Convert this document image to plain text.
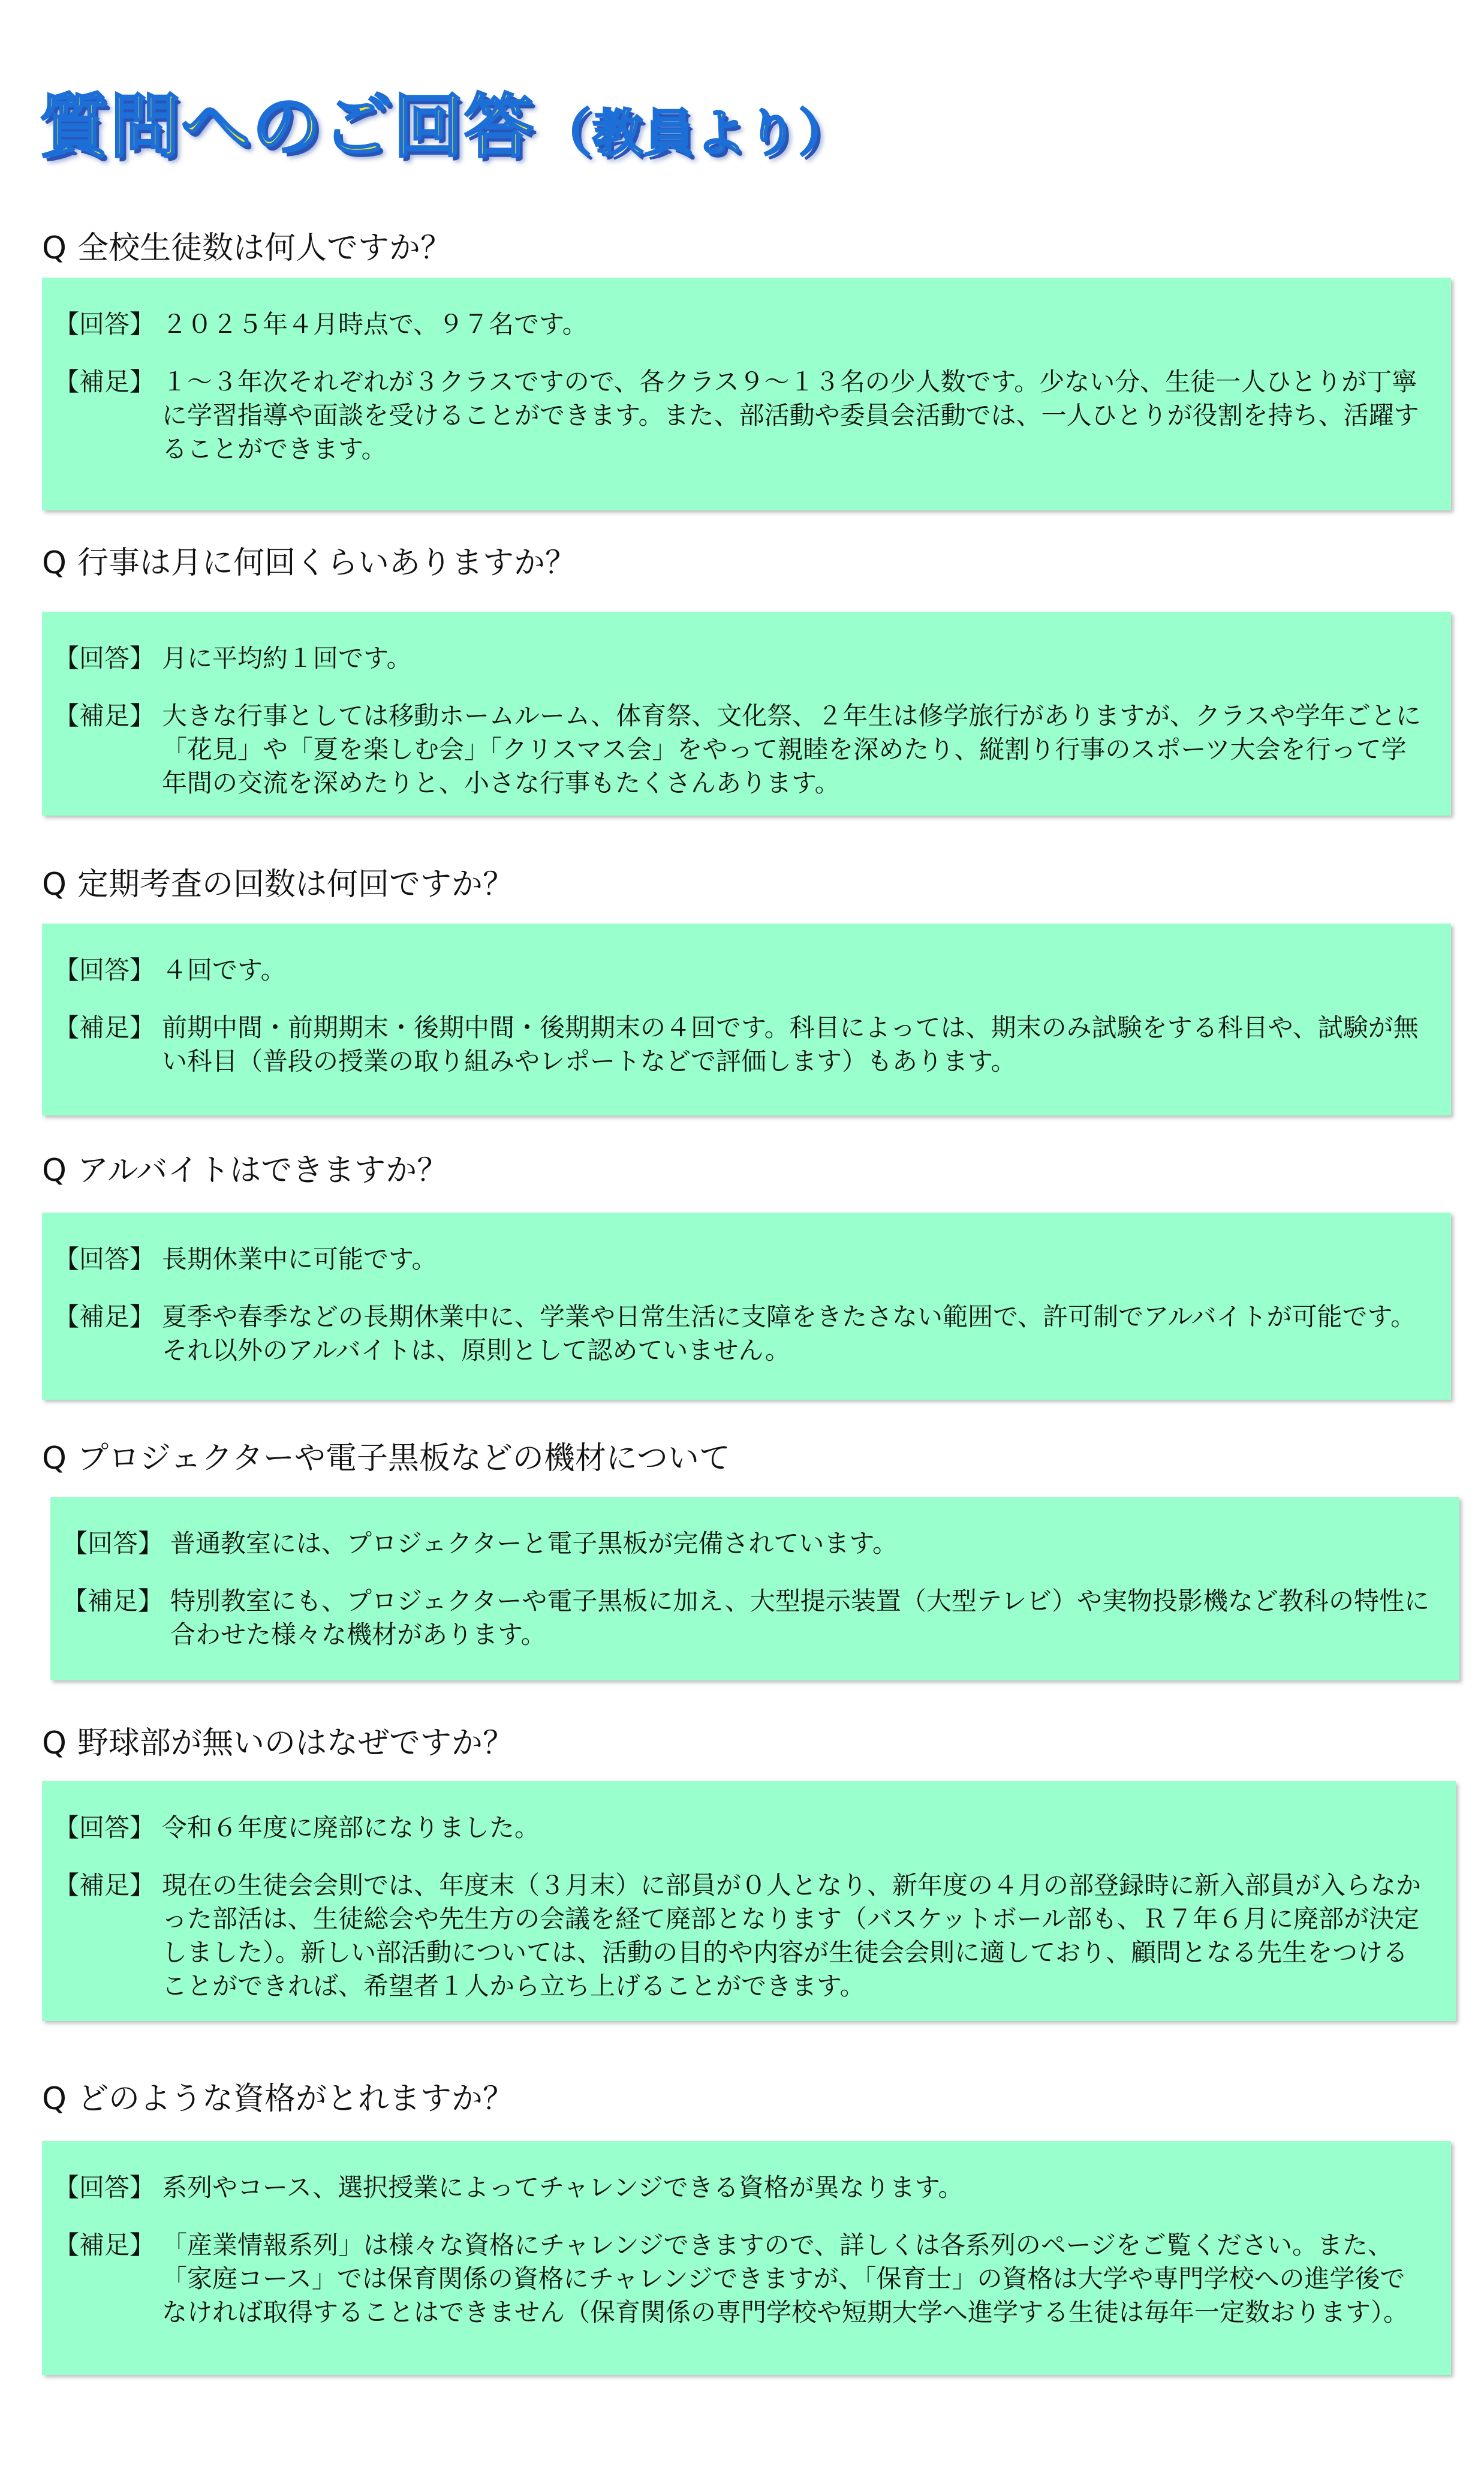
質問へのご回答 （教員より）
Q 全校生徒数は何人ですか？
【回答】 ２０２５年４月時点で、９７名です。
【補足】 １～３年次それぞれが３クラスですので、各クラス９～１３名の少人数です。少ない分、生徒一人ひとりが丁寧に学習指導や面談を受けることができます。また、部活動や委員会活動では、一人ひとりが役割を持ち、活躍することができます。
Q 行事は月に何回くらいありますか？
【回答】 月に平均約１回です。
【補足】 大きな行事としては移動ホームルーム、体育祭、文化祭、２年生は修学旅行がありますが、クラスや学年ごとに「花見」や「夏を楽しむ会」「クリスマス会」をやって親睦を深めたり、縦割り行事のスポーツ大会を行って学年間の交流を深めたりと、小さな行事もたくさんあります。
Q 定期考査の回数は何回ですか？
【回答】 ４回です。
【補足】 前期中間・前期期末・後期中間・後期期末の４回です。科目によっては、期末のみ試験をする科目や、試験が無い科目（普段の授業の取り組みやレポートなどで評価します）もあります。
Q アルバイトはできますか？
【回答】 長期休業中に可能です。
【補足】 夏季や春季などの長期休業中に、学業や日常生活に支障をきたさない範囲で、許可制でアルバイトが可能です。それ以外のアルバイトは、原則として認めていません。
Q プロジェクターや電子黒板などの機材について
【回答】 普通教室には、プロジェクターと電子黒板が完備されています。
【補足】 特別教室にも、プロジェクターや電子黒板に加え、大型提示装置（大型テレビ）や実物投影機など教科の特性に合わせた様々な機材があります。
Q 野球部が無いのはなぜですか？
【回答】 令和６年度に廃部になりました。
【補足】 現在の生徒会会則では、年度末（３月末）に部員が０人となり、新年度の４月の部登録時に新入部員が入らなかった部活は、生徒総会や先生方の会議を経て廃部となります（バスケットボール部も、Ｒ７年６月に廃部が決定しました）。新しい部活動については、活動の目的や内容が生徒会会則に適しており、顧問となる先生をつけることができれば、希望者１人から立ち上げることができます。
Q どのような資格がとれますか？
【回答】 系列やコース、選択授業によってチャレンジできる資格が異なります。
【補足】 「産業情報系列」は様々な資格にチャレンジできますので、詳しくは各系列のページをご覧ください。また、「家庭コース」では保育関係の資格にチャレンジできますが、「保育士」の資格は大学や専門学校への進学後でなければ取得することはできません（保育関係の専門学校や短期大学へ進学する生徒は毎年一定数おります）。
